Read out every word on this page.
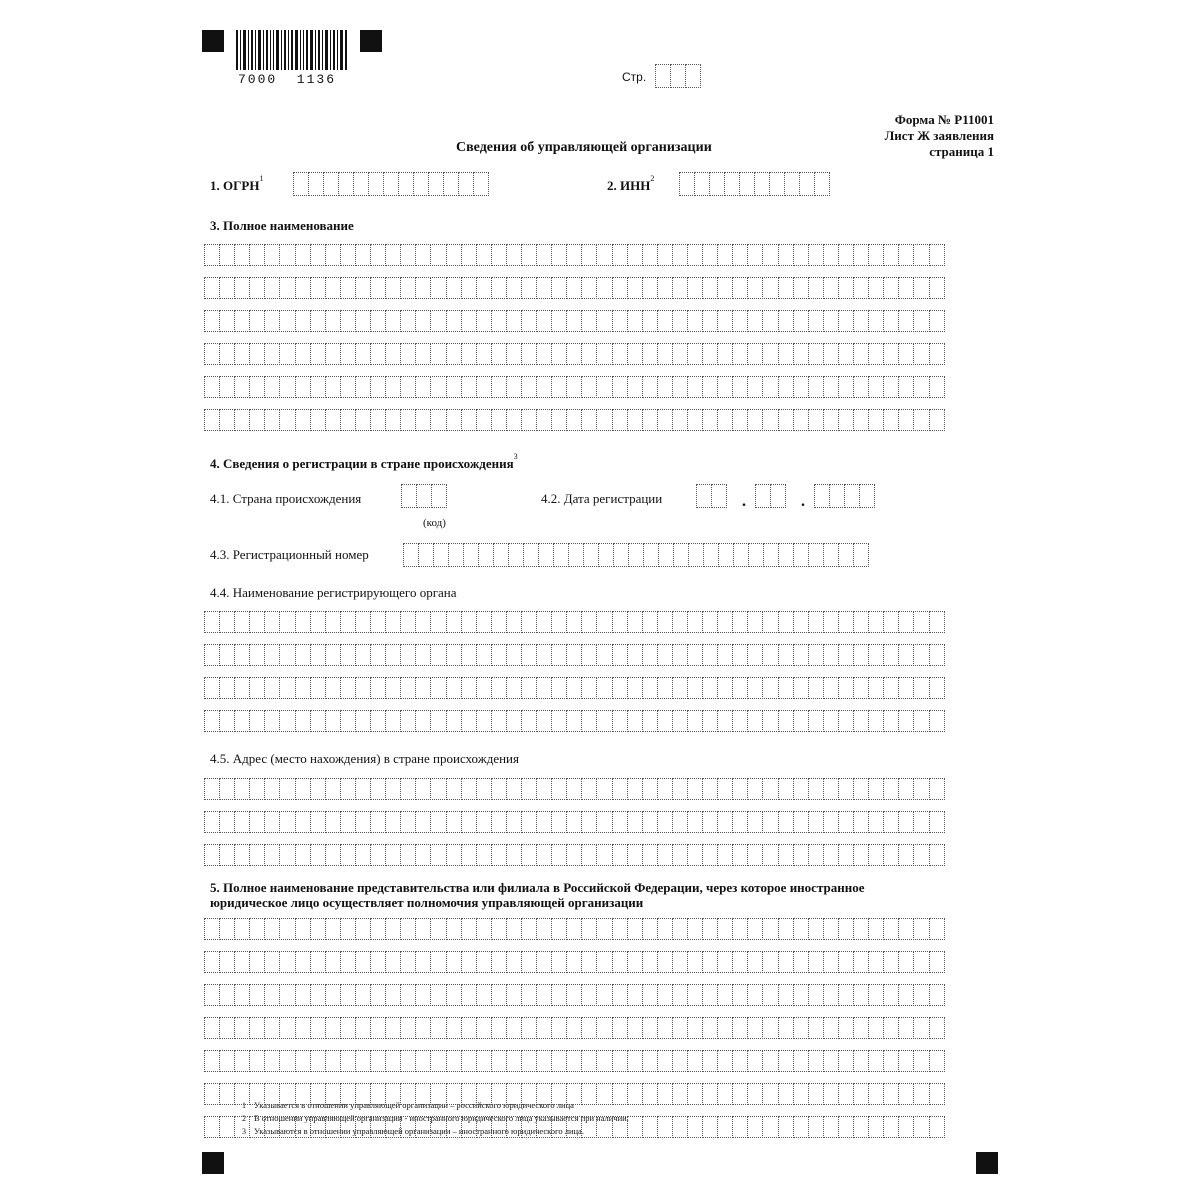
7000  1136	Стр.
Форма № Р11001
Лист Ж заявления
страница 1
Сведения об управляющей организации
1. ОГРН$^1$	2. ИНН$^2$
3. Полное наименование
4. Сведения о регистрации в стране происхождения$^3$
4.1. Страна происхождения
(код)
4.2. Дата регистрации	.	.
4.3. Регистрационный номер
4.4. Наименование регистрирующего органа
4.5. Адрес (место нахождения) в стране происхождения
5. Полное наименование представительства или филиала в Российской Федерации, через которое иностранное
юридическое лицо осуществляет полномочия управляющей организации
1 Указывается в отношении управляющей организации – российского юридического лица
2 В отношении управляющей организации - иностранного юридического лица указывается при наличии.
3 Указываются в отношении управляющей организации – иностранного юридического лица.
